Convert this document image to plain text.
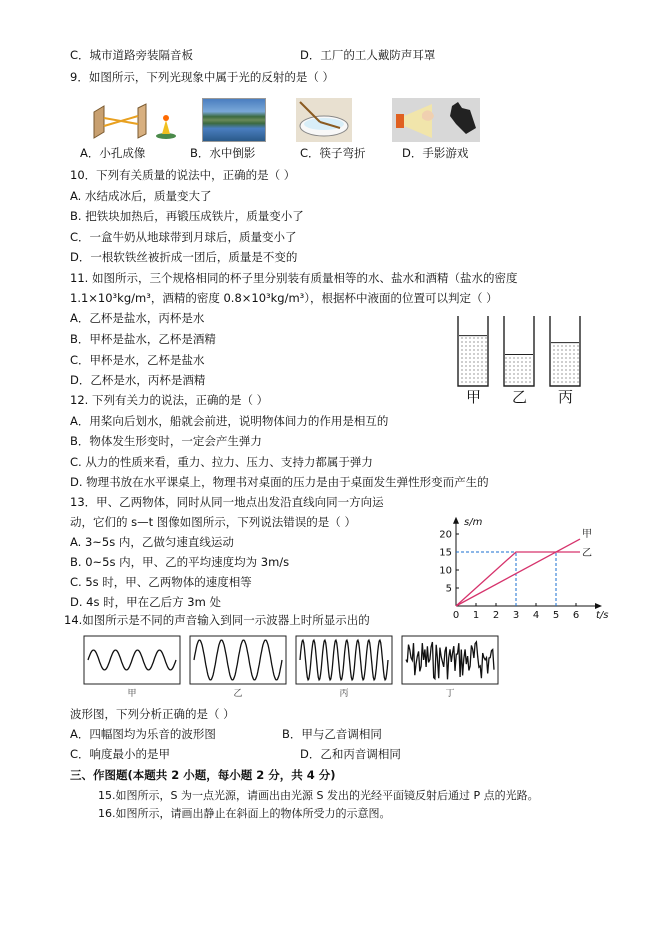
C．城市道路旁装隔音板	D．工厂的工人戴防声耳罩
9．如图所示，下列光现象中属于光的反射的是（ ）
A．小孔成像	B．水中倒影	C．筷子弯折	D．手影游戏
10．下列有关质量的说法中，正确的是（ ）
A. 水结成冰后，质量变大了
B. 把铁块加热后，再锻压成铁片，质量变小了
C．一盒牛奶从地球带到月球后，质量变小了
D．一根软铁丝被折成一团后，质量是不变的
11. 如图所示，三个规格相同的杯子里分别装有质量相等的水、盐水和酒精（盐水的密度
1.1×10³kg/m³，酒精的密度 0.8×10³kg/m³），根据杯中液面的位置可以判定（ ）
A．乙杯是盐水，丙杯是水
B．甲杯是盐水，乙杯是酒精
C．甲杯是水，乙杯是盐水
D．乙杯是水，丙杯是酒精
甲 乙 丙
12. 下列有关力的说法，正确的是（ ）
A．用桨向后划水，船就会前进，说明物体间力的作用是相互的
B．物体发生形变时，一定会产生弹力
C. 从力的性质来看，重力、拉力、压力、支持力都属于弹力
D. 物理书放在水平课桌上，物理书对桌面的压力是由于桌面发生弹性形变而产生的
13．甲、乙两物体，同时从同一地点出发沿直线向同一方向运
动，它们的 s—t 图像如图所示，下列说法错误的是（ ）
A. 3~5s 内，乙做匀速直线运动
B. 0~5s 内，甲、乙的平均速度均为 3m/s
C. 5s 时，甲、乙两物体的速度相等
D. 4s 时，甲在乙后方 3m 处
0 1 2 3 4 5 6
5
10
15
20
t/s
s/m
甲
乙
14.如图所示是不同的声音输入到同一示波器上时所显示出的
甲	乙	丙	丁
波形图，下列分析正确的是（ ）
A．四幅图均为乐音的波形图	B．甲与乙音调相同
C．响度最小的是甲	D．乙和丙音调相同
三、作图题(本题共 2 小题，每小题 2 分，共 4 分)
15.如图所示，S 为一点光源，请画出由光源 S 发出的光经平面镜反射后通过 P 点的光路。
16.如图所示，请画出静止在斜面上的物体所受力的示意图。
